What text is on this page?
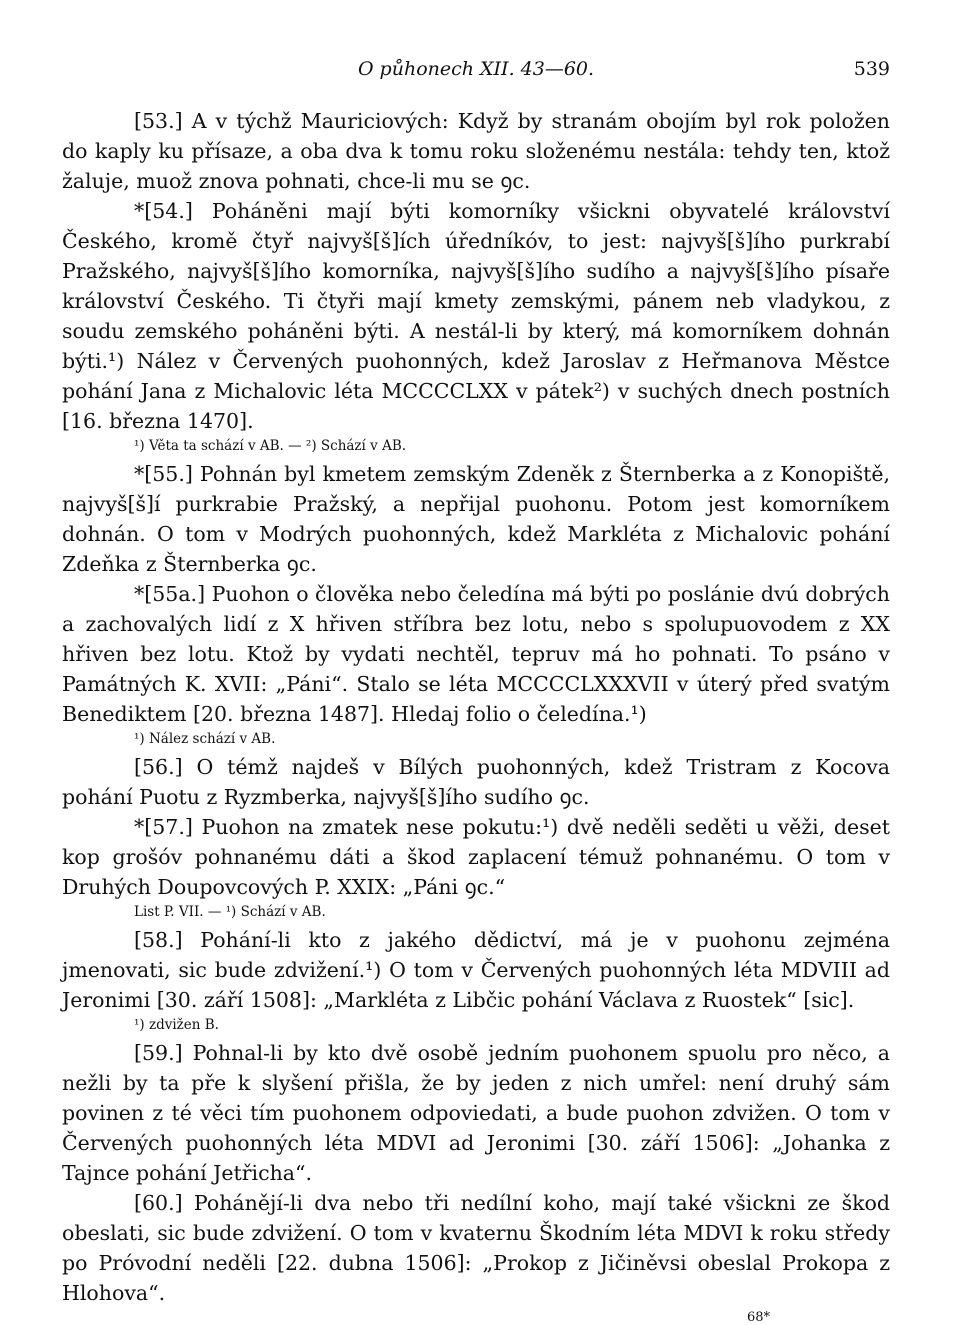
O půhonech XII. 43—60.	539

[53.] A v týchž Mauriciových: Když by stranám obojím byl rok položen do kaply ku přísaze, a oba dva k tomu roku složenému nestála: tehdy ten, ktož žaluje, muož znova pohnati, chce-li mu se ꝯc.

*[54.] Poháněni mají býti komorníky všickni obyvatelé království Českého, kromě čtyř najvyš[š]ích úředníkóv, to jest: najvyš[š]ího purkrabí Pražského, najvyš[š]ího komorníka, najvyš[š]ího sudího a najvyš[š]ího písaře království Českého. Ti čtyři mají kmety zemskými, pánem neb vladykou, z soudu zemského poháněni býti. A nestál-li by který, má komorníkem dohnán býti.¹) Nález v Červených puohonných, kdež Jaroslav z Heřmanova Městce pohání Jana z Michalovic léta MCCCCLXX v pátek²) v suchých dnech postních [16. března 1470].

¹) Věta ta schází v AB. — ²) Schází v AB.

*[55.] Pohnán byl kmetem zemským Zdeněk z Šternberka a z Konopiště, najvyš[š]í purkrabie Pražský, a nepřijal puohonu. Potom jest komorníkem dohnán. O tom v Modrých puohonných, kdež Markléta z Michalovic pohání Zdeňka z Šternberka ꝯc.

*[55a.] Puohon o člověka nebo čeledína má býti po poslánie dvú dobrých a zachovalých lidí z X hřiven stříbra bez lotu, nebo s spolupuovodem z XX hřiven bez lotu. Ktož by vydati nechtěl, tepruv má ho pohnati. To psáno v Památných K. XVII: „Páni“. Stalo se léta MCCCCLXXXVII v úterý před svatým Benediktem [20. března 1487]. Hledaj folio o čeledína.¹)

¹) Nález schází v AB.

[56.] O témž najdeš v Bílých puohonných, kdež Tristram z Kocova pohání Puotu z Ryzmberka, najvyš[š]ího sudího ꝯc.

*[57.] Puohon na zmatek nese pokutu:¹) dvě neděli seděti u věži, deset kop grošóv pohnanému dáti a škod zaplacení témuž pohnanému. O tom v Druhých Doupovcových P. XXIX: „Páni ꝯc.“

List P. VII. — ¹) Schází v AB.

[58.] Pohání-li kto z jakého dědictví, má je v puohonu zejména jmenovati, sic bude zdvižení.¹) O tom v Červených puohonných léta MDVIII ad Jeronimi [30. září 1508]: „Markléta z Libčic pohání Václava z Ruostek“ [sic].

¹) zdvižen B.

[59.] Pohnal-li by kto dvě osobě jedním puohonem spuolu pro něco, a nežli by ta pře k slyšení přišla, že by jeden z nich umřel: není druhý sám povinen z té věci tím puohonem odpoviedati, a bude puohon zdvižen. O tom v Červených puohonných léta MDVI ad Jeronimi [30. září 1506]: „Johanka z Tajnce pohání Jetřicha“.

[60.] Pohánějí-li dva nebo tři nedílní koho, mají také všickni ze škod obeslati, sic bude zdvižení. O tom v kvaternu Škodním léta MDVI k roku středy po Próvodní neděli [22. dubna 1506]: „Prokop z Jičiněvsi obeslal Prokopa z Hlohova“.

68*
